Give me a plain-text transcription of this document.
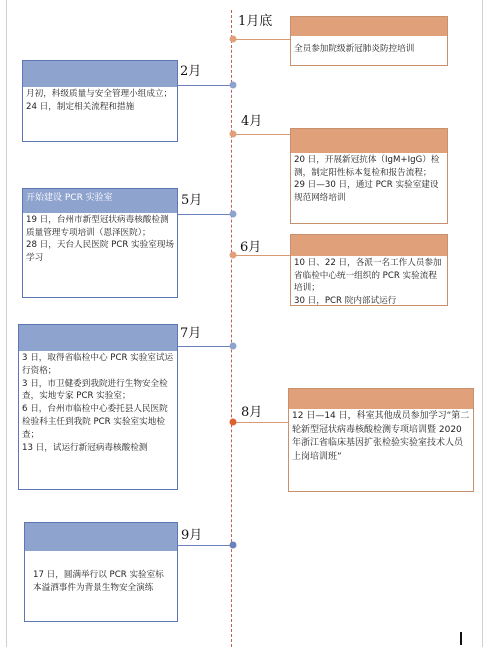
1月底
2月
4月
5月
6月
7月
8月
9月
全员参加院级新冠肺炎防控培训
月初，科级质量与安全管理小组成立；
24 日，制定相关流程和措施
20 日，开展新冠抗体（IgM+IgG）检测，制定阳性标本复检和报告流程；
29 日—30 日，通过 PCR 实验室建设规范网络培训
开始建设 PCR 实验室
19 日，台州市新型冠状病毒核酸检测质量管理专项培训（恩泽医院）；
28 日，天台人民医院 PCR 实验室现场学习
10 日、22 日，各派一名工作人员参加省临检中心统一组织的 PCR 实验流程培训；
30 日，PCR 院内部试运行
3 日，取得省临检中心 PCR 实验室试运行资格；
3 日，市卫健委到我院进行生物安全检查，实地专家 PCR 实验室；
6 日，台州市临检中心委托县人民医院检验科主任到我院 PCR 实验室实地检查；
13 日，试运行新冠病毒核酸检测
12 日—14 日，科室其他成员参加学习“第二轮新型冠状病毒核酸检测专项培训暨 2020 年浙江省临床基因扩张检验实验室技术人员上岗培训班”
17 日，圆满举行以 PCR 实验室标本溢洒事件为背景生物安全演练
